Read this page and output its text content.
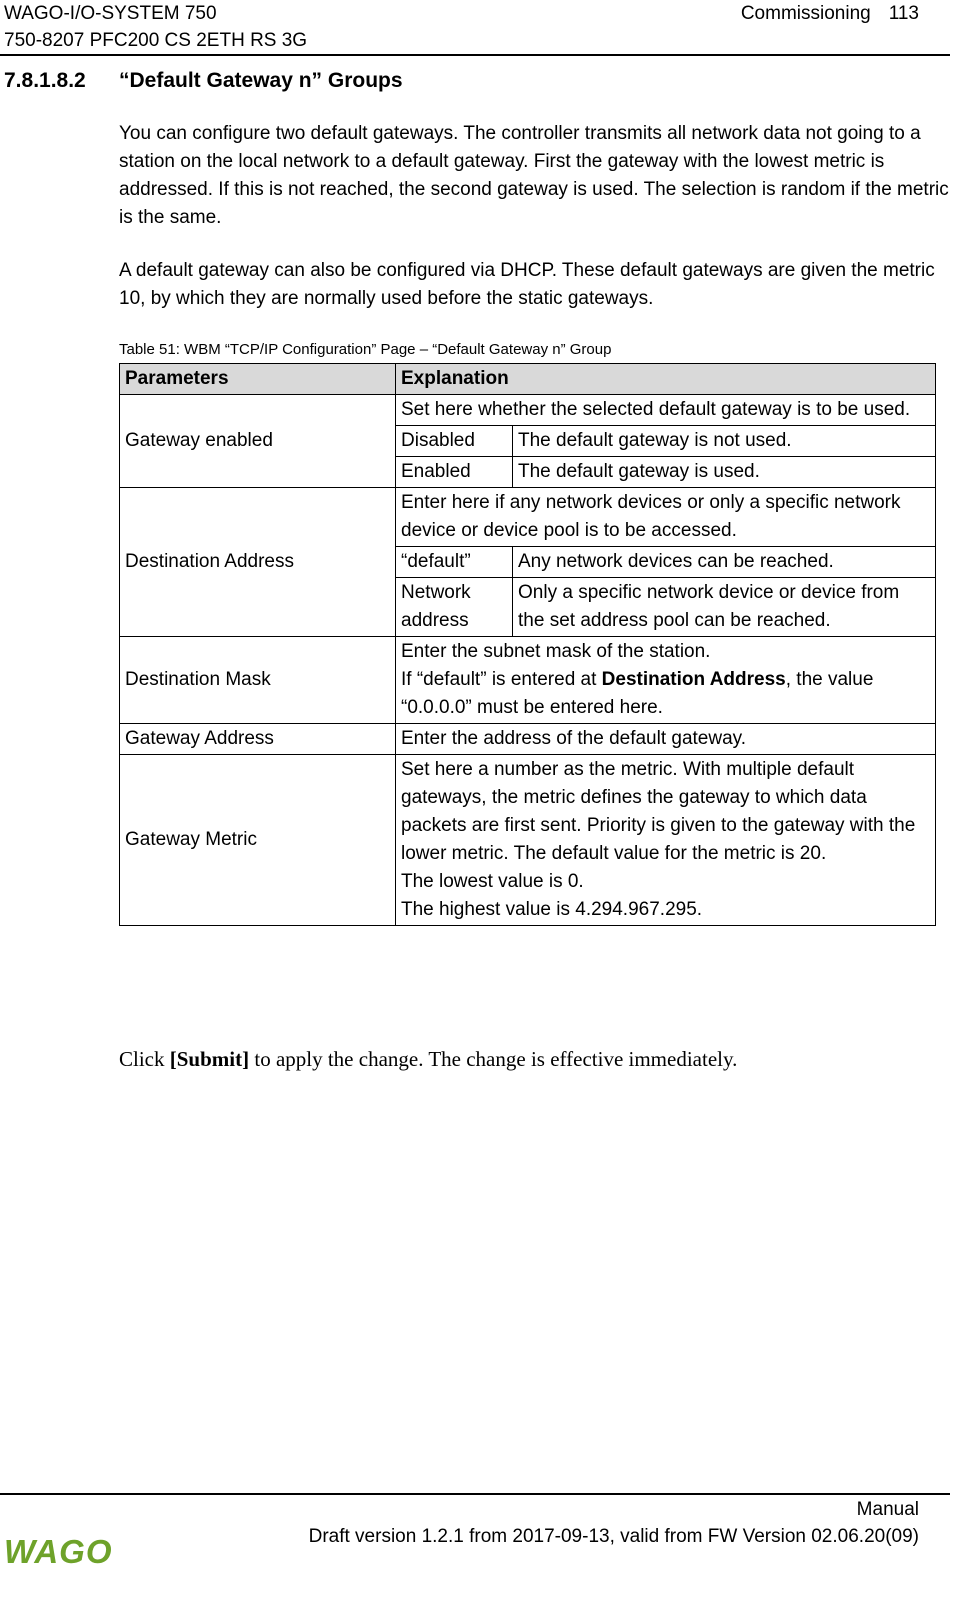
WAGO-I/O-SYSTEM 750
750-8207 PFC200 CS 2ETH RS 3G
Commissioning 113
7.8.1.8.2 “Default Gateway n” Groups

You can configure two default gateways. The controller transmits all network data not going to a station on the local network to a default gateway. First the gateway with the lowest metric is addressed. If this is not reached, the second gateway is used. The selection is random if the metric is the same.

A default gateway can also be configured via DHCP. These default gateways are given the metric 10, by which they are normally used before the static gateways.

Table 51: WBM “TCP/IP Configuration” Page – “Default Gateway n” Group
Parameters	Explanation	
Gateway enabled	Set here whether the selected default gateway is to be used.	
	Disabled	The default gateway is not used.
	Enabled	The default gateway is used.
Destination Address	Enter here if any network devices or only a specific network device or device pool is to be accessed.	
	“default”	Any network devices can be reached.
	Network address	Only a specific network device or device from the set address pool can be reached.
Destination Mask	Enter the subnet mask of the station.
If “default” is entered at Destination Address, the value “0.0.0.0” must be entered here.	

Gateway Address	Enter the address of the default gateway.	
Gateway Metric	Set here a number as the metric. With multiple default gateways, the metric defines the gateway to which data packets are first sent. Priority is given to the gateway with the lower metric. The default value for the metric is 20.
The lowest value is 0.
The highest value is 4.294.967.295.	
Click [Submit] to apply the change. The change is effective immediately.
Manual
Draft version 1.2.1 from 2017-09-13, valid from FW Version 02.06.20(09)
WAGO
